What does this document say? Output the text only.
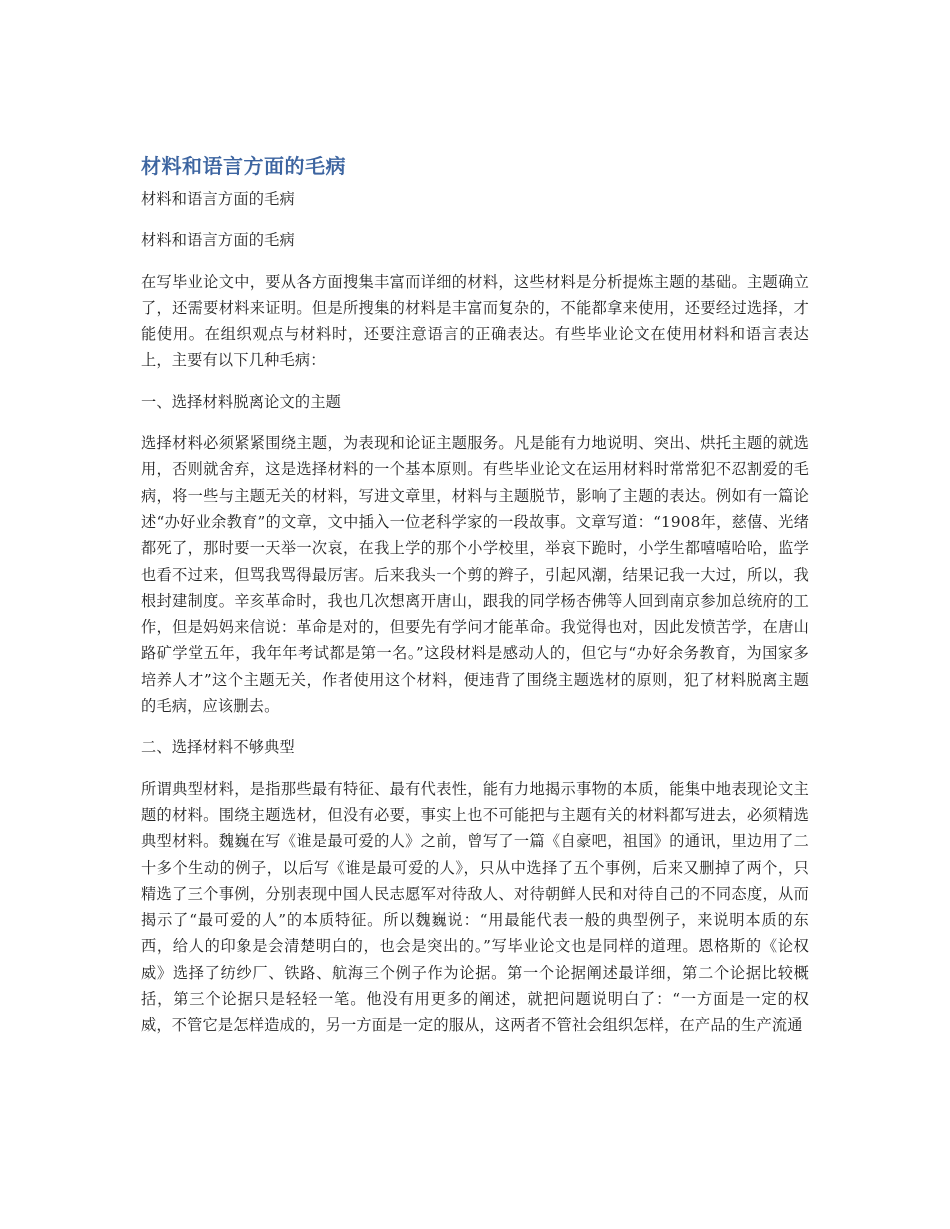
材料和语言方面的毛病

材料和语言方面的毛病

材料和语言方面的毛病

在写毕业论文中，要从各方面搜集丰富而详细的材料，这些材料是分析提炼主题的基础。主题确立了，还需要材料来证明。但是所搜集的材料是丰富而复杂的，不能都拿来使用，还要经过选择，才能使用。在组织观点与材料时，还要注意语言的正确表达。有些毕业论文在使用材料和语言表达上，主要有以下几种毛病：

一、选择材料脱离论文的主题

选择材料必须紧紧围绕主题，为表现和论证主题服务。凡是能有力地说明、突出、烘托主题的就选用，否则就舍弃，这是选择材料的一个基本原则。有些毕业论文在运用材料时常常犯不忍割爱的毛病，将一些与主题无关的材料，写进文章里，材料与主题脱节，影响了主题的表达。例如有一篇论述“办好业余教育”的文章，文中插入一位老科学家的一段故事。文章写道：“1908年，慈僖、光绪都死了，那时要一天举一次哀，在我上学的那个小学校里，举哀下跪时，小学生都嘻嘻哈哈，监学也看不过来，但骂我骂得最厉害。后来我头一个剪的辫子，引起风潮，结果记我一大过，所以，我根封建制度。辛亥革命时，我也几次想离开唐山，跟我的同学杨杏佛等人回到南京参加总统府的工作，但是妈妈来信说：革命是对的，但要先有学问才能革命。我觉得也对，因此发愤苦学，在唐山路矿学堂五年，我年年考试都是第一名。”这段材料是感动人的，但它与“办好余务教育，为国家多培养人才”这个主题无关，作者使用这个材料，便违背了围绕主题选材的原则，犯了材料脱离主题的毛病，应该删去。

二、选择材料不够典型

所谓典型材料，是指那些最有特征、最有代表性，能有力地揭示事物的本质，能集中地表现论文主题的材料。围绕主题选材，但没有必要，事实上也不可能把与主题有关的材料都写进去，必须精选典型材料。魏巍在写《谁是最可爱的人》之前，曾写了一篇《自豪吧，祖国》的通讯，里边用了二十多个生动的例子，以后写《谁是最可爱的人》，只从中选择了五个事例，后来又删掉了两个，只精选了三个事例，分别表现中国人民志愿军对待敌人、对待朝鲜人民和对待自己的不同态度，从而揭示了“最可爱的人”的本质特征。所以魏巍说：“用最能代表一般的典型例子，来说明本质的东西，给人的印象是会清楚明白的，也会是突出的。”写毕业论文也是同样的道理。恩格斯的《论权威》选择了纺纱厂、铁路、航海三个例子作为论据。第一个论据阐述最详细，第二个论据比较概括，第三个论据只是轻轻一笔。他没有用更多的阐述，就把问题说明白了：“一方面是一定的权威，不管它是怎样造成的，另一方面是一定的服从，这两者不管社会组织怎样，在产品的生产流通
